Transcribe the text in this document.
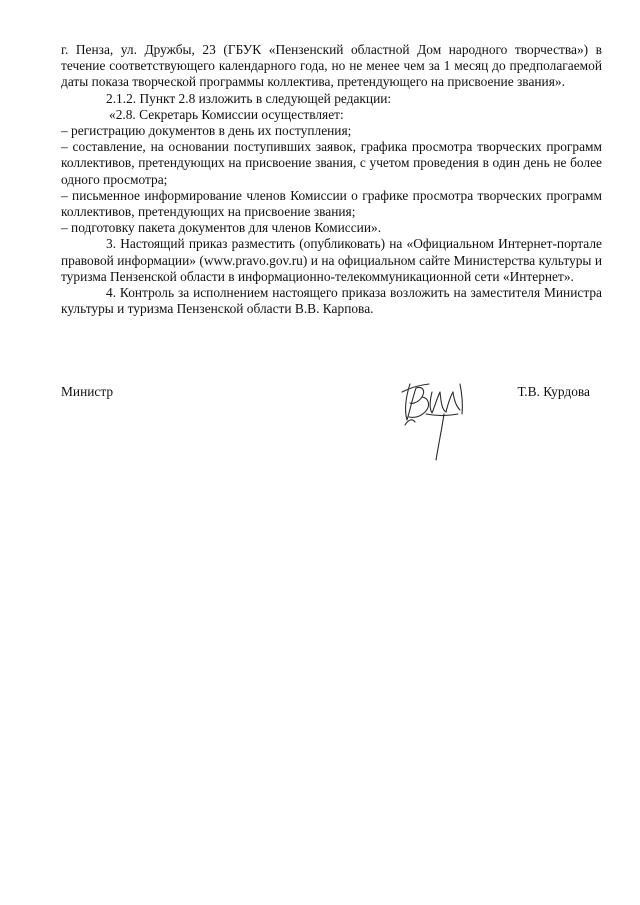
г. Пенза, ул. Дружбы, 23 (ГБУК «Пензенский областной Дом народного творчества») в течение соответствующего календарного года, но не менее чем за 1 месяц до предполагаемой даты показа творческой программы коллектива, претендующего на присвоение звания».

2.1.2. Пункт 2.8 изложить в следующей редакции:

«2.8. Секретарь Комиссии осуществляет:

– регистрацию документов в день их поступления;

– составление, на основании поступивших заявок, графика просмотра творческих программ коллективов, претендующих на присвоение звания, с учетом проведения в один день не более одного просмотра;

– письменное информирование членов Комиссии о графике просмотра творческих программ коллективов, претендующих на присвоение звания;

– подготовку пакета документов для членов Комиссии».

3. Настоящий приказ разместить (опубликовать) на «Официальном Интернет-портале правовой информации» (www.pravo.gov.ru) и на официальном сайте Министерства культуры и туризма Пензенской области в информационно-телекоммуникационной сети «Интернет».

4. Контроль за исполнением настоящего приказа возложить на заместителя Министра культуры и туризма Пензенской области В.В. Карпова.

Министр	Т.В. Курдова
